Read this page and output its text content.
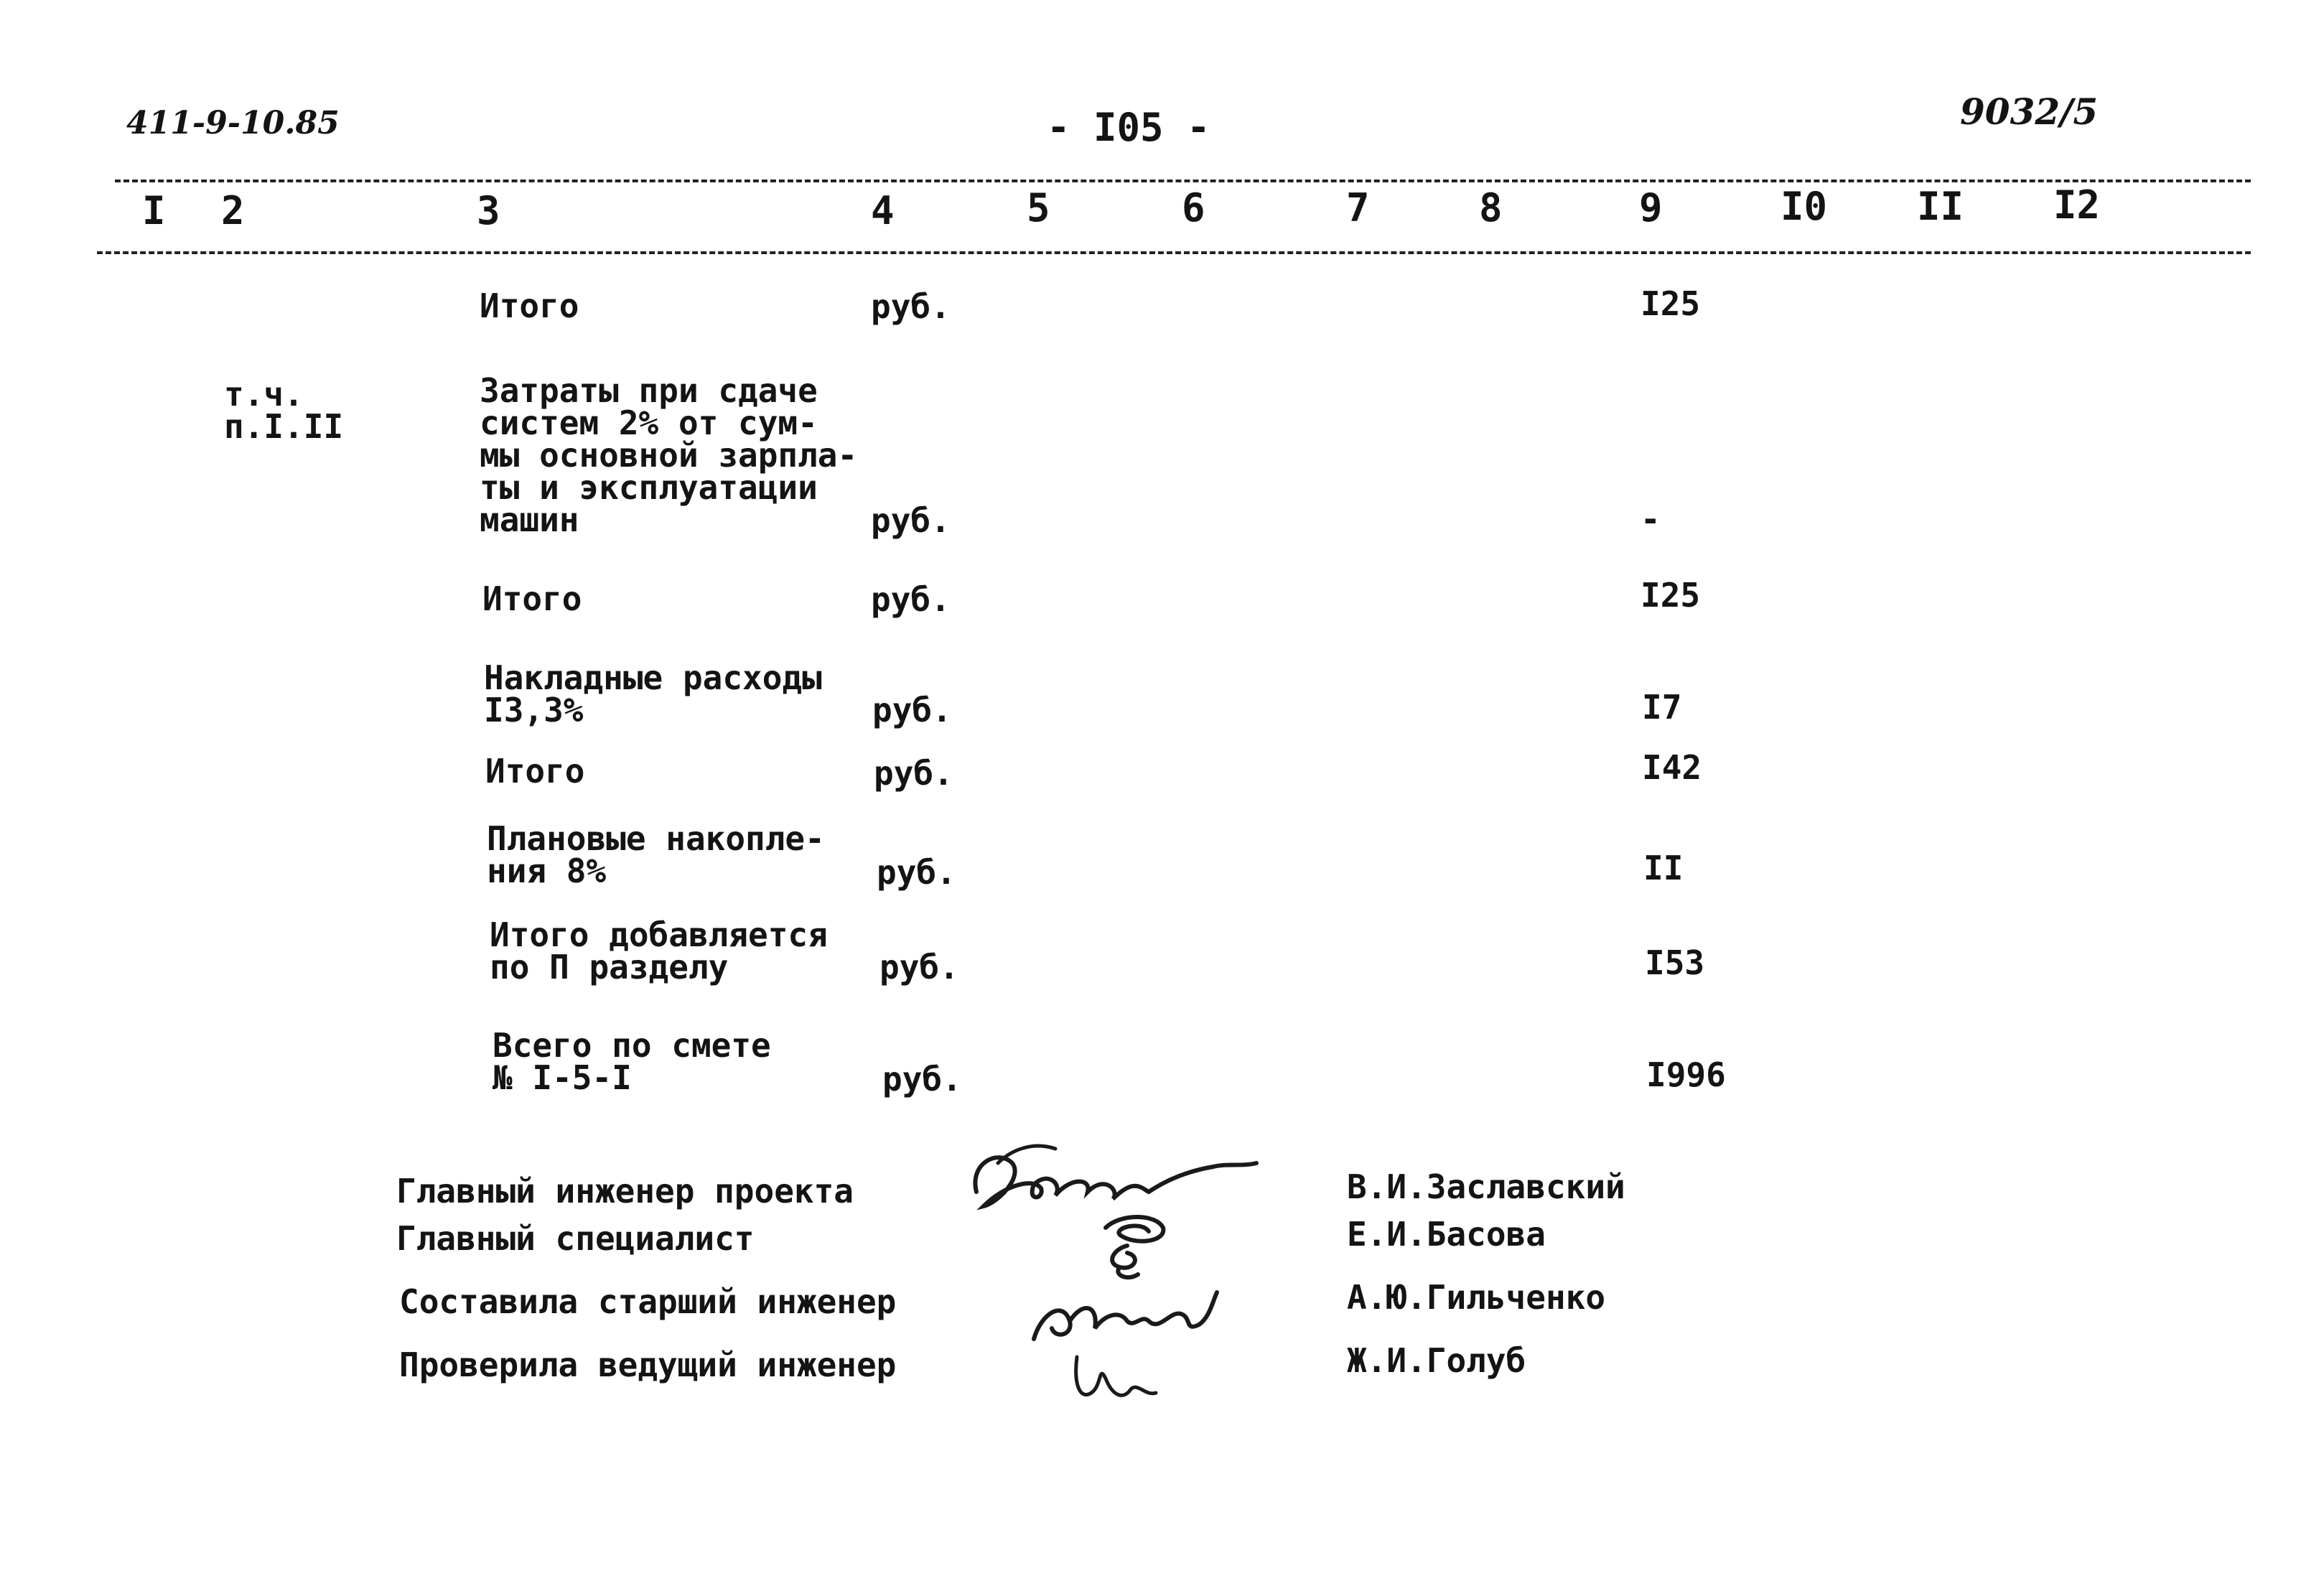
411-9-10.85	- I05 -	9032/5
I 2	3	4	5	6	7	8	9	I0 II I2
Итого	руб.	I25
т.ч.
п.I.II
Затраты при сдаче
систем 2% от сум-
мы основной зарпла-
ты и эксплуатации
машин	руб.	-
Итого	руб.	I25
Накладные расходы
I3,3%	руб.	I7
Итого	руб.	I42
Плановые накопле-
ния 8%	руб.	II
Итого добавляется
по П разделу	руб.	I53
Всего по смете
№ I-5-I	руб.	I996
Главный инженер проекта	В.И.Заславский
Главный специалист	Е.И.Басова
Составила старший инженер	А.Ю.Гильченко
Проверила ведущий инженер	Ж.И.Голуб
